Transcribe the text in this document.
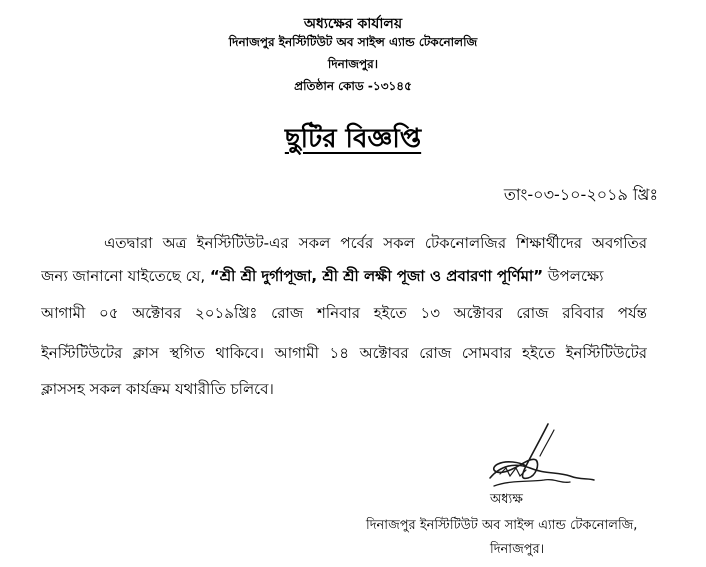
অধ্যক্ষের কার্যালয়
দিনাজপুর ইনস্টিটিউট অব সাইন্স এ্যান্ড টেকনোলজি
দিনাজপুর।
প্রতিষ্ঠান কোড -১৩১৪৫
ছুটির বিজ্ঞপ্তি
তাং-০৩-১০-২০১৯ খ্রিঃ
এতদ্বারা অত্র ইনস্টিটিউট-এর সকল পর্বের সকল টেকনোলজির শিক্ষার্থীদের অবগতির
জন্য জানানো যাইতেছে যে, “শ্রী শ্রী দুর্গাপূজা, শ্রী শ্রী লক্ষী পূজা ও প্রবারণা পূর্ণিমা” উপলক্ষ্যে
আগামী ০৫ অক্টোবর ২০১৯খ্রিঃ রোজ শনিবার হইতে ১৩ অক্টোবর রোজ রবিবার পর্যন্ত
ইনস্টিটিউটের ক্লাস স্থগিত থাকিবে। আগামী ১৪ অক্টোবর রোজ সোমবার হইতে ইনস্টিটিউটের
ক্লাসসহ সকল কার্যক্রম যথারীতি চলিবে।
অধ্যক্ষ
দিনাজপুর ইনস্টিটিউট অব সাইন্স এ্যান্ড টেকনোলজি,
দিনাজপুর।
